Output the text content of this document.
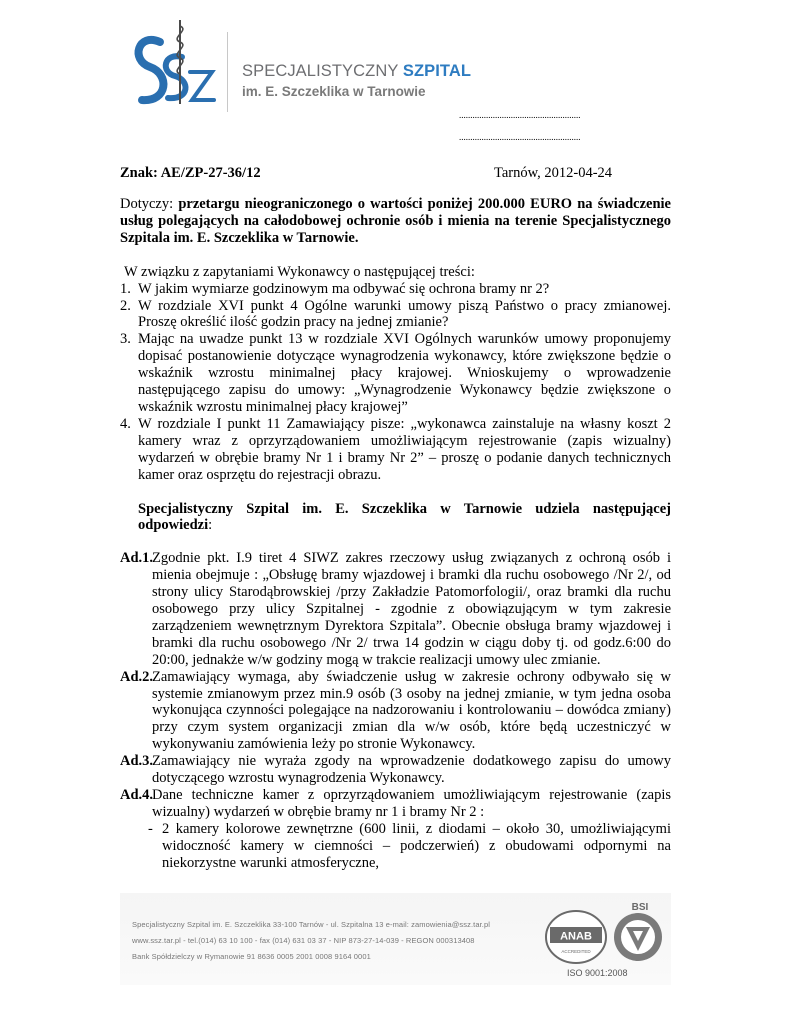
SPECJALISTYCZNY SZPITAL
im. E. Szczeklika w Tarnowie
......................................................
......................................................
Znak: AE/ZP-27-36/12	Tarnów, 2012-04-24

Dotyczy: przetargu nieograniczonego o wartości poniżej 200.000 EURO na świadczenie usług polegających na całodobowej ochronie osób i mienia na terenie Specjalistycznego Szpitala im. E. Szczeklika w Tarnowie.

W związku z zapytaniami Wykonawcy o następującej treści:

1. W jakim wymiarze godzinowym ma odbywać się ochrona bramy nr 2?
2. W rozdziale XVI punkt 4 Ogólne warunki umowy piszą Państwo o pracy zmianowej. Proszę określić ilość godzin pracy na jednej zmianie?
3. Mając na uwadze punkt 13 w rozdziale XVI Ogólnych warunków umowy proponujemy dopisać postanowienie dotyczące wynagrodzenia wykonawcy, które zwiększone będzie o wskaźnik wzrostu minimalnej płacy krajowej. Wnioskujemy o wprowadzenie następującego zapisu do umowy: „Wynagrodzenie Wykonawcy będzie zwiększone o wskaźnik wzrostu minimalnej płacy krajowej”
4. W rozdziale I punkt 11 Zamawiający pisze: „wykonawca zainstaluje na własny koszt 2 kamery wraz z oprzyrządowaniem umożliwiającym rejestrowanie (zapis wizualny) wydarzeń w obrębie bramy Nr 1 i bramy Nr 2” – proszę o podanie danych technicznych kamer oraz osprzętu do rejestracji obrazu.

Specjalistyczny Szpital im. E. Szczeklika w Tarnowie udziela następującej odpowiedzi:

Ad.1.
Zgodnie pkt. I.9 tiret 4 SIWZ zakres rzeczowy usług związanych z ochroną osób i mienia obejmuje : „Obsługę bramy wjazdowej i bramki dla ruchu osobowego /Nr 2/, od strony ulicy Starodąbrowskiej /przy Zakładzie Patomorfologii/, oraz bramki dla ruchu osobowego przy ulicy Szpitalnej - zgodnie z obowiązującym w tym zakresie zarządzeniem wewnętrznym Dyrektora Szpitala”. Obecnie obsługa bramy wjazdowej i bramki dla ruchu osobowego /Nr 2/ trwa 14 godzin w ciągu doby tj. od godz.6:00 do 20:00, jednakże w/w godziny mogą w trakcie realizacji umowy ulec zmianie.

Ad.2.
Zamawiający wymaga, aby świadczenie usług w zakresie ochrony odbywało się w systemie zmianowym przez min.9 osób (3 osoby na jednej zmianie, w tym jedna osoba wykonująca czynności polegające na nadzorowaniu i kontrolowaniu – dowódca zmiany) przy czym system organizacji zmian dla w/w osób, które będą uczestniczyć w wykonywaniu zamówienia leży po stronie Wykonawcy.

Ad.3.
Zamawiający nie wyraża zgody na wprowadzenie dodatkowego zapisu do umowy dotyczącego wzrostu wynagrodzenia Wykonawcy.

Ad.4.
Dane techniczne kamer z oprzyrządowaniem umożliwiającym rejestrowanie (zapis wizualny) wydarzeń w obrębie bramy nr 1 i bramy Nr 2 :

- 2 kamery kolorowe zewnętrzne (600 linii, z diodami – około 30, umożliwiającymi widoczność kamery w ciemności – podczerwień) z obudowami odpornymi na niekorzystne warunki atmosferyczne,

Specjalistyczny Szpital im. E. Szczeklika 33-100 Tarnów - ul. Szpitalna 13 e-mail: zamowienia@ssz.tar.pl
www.ssz.tar.pl - tel.(014) 63 10 100 - fax (014) 631 03 37 - NIP 873-27-14-039 - REGON 000313408
Bank Spółdzielczy w Rymanowie 91 8636 0005 2001 0008 9164 0001
ANAB
ACCREDITED
BSI
ISO 9001:2008
